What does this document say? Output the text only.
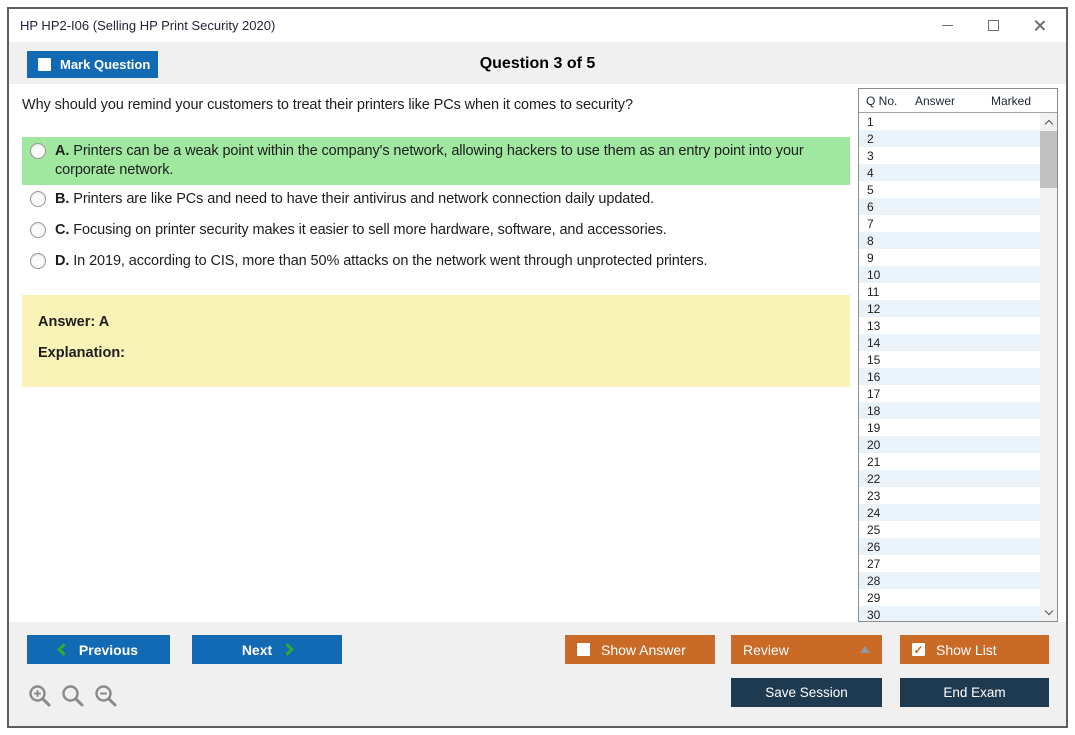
HP HP2-I06 (Selling HP Print Security 2020)
Mark Question	Question 3 of 5
Why should you remind your customers to treat their printers like PCs when it comes to security?
A. Printers can be a weak point within the company's network, allowing hackers to use them as an entry point into your corporate network.
B. Printers are like PCs and need to have their antivirus and network connection daily updated.
C. Focusing on printer security makes it easier to sell more hardware, software, and accessories.
D. In 2019, according to CIS, more than 50% attacks on the network went through unprotected printers.
Answer: A
Explanation:
Q No.	Answer	Marked
1
2
3
4
5
6
7
8
9
10
11
12
13
14
15
16
17
18
19
20
21
22
23
24
25
26
27
28
29
30
Previous	Next	Show Answer	Review	✓ Show List
Save Session	End Exam
